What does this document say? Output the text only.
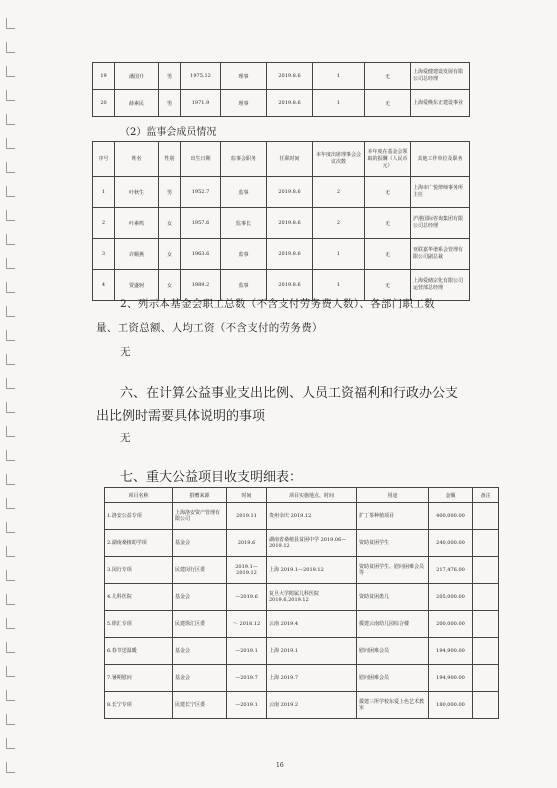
19	潘国升	男	1975.12	理事	2019.8.6	1	无	上海爱健建设发展有限公司总经理
20	薛素民	男	1971.9	理事	2019.8.6	1	无	上海爱晚东正建设事业
（2）监事会成员情况
序号	姓名	性别	出生日期	监事会职务	任职时间	本年度出席理事会会议次数	本年度在基金会领取的报酬（人民币元）	其他工作单位及职务
1	叶秋生	男	1952.7	监事	2019.8.6	2	无	上海市广悦律师事务所主任
2	叶素鸣	女	1957.6	监事长	2019.8.6	2	无	沪港国际咨询集团有限公司总经理
3	许顺燕	女	1963.6	监事	2019.8.6	1	无	亚联嘉华谱系会管理有限公司副总裁
4	贾盛轲	女	1989.2	监事	2019.8.6	1	无	上海爱储宗化有限公司运营部总经理
2、列示本基金会职工总数（不含支付劳务费人数）、各部门职工数
量、工资总额、人均工资（不含支付的劳务费）
无
六、在计算公益事业支出比例、人员工资福利和行政办公支
出比例时需要具体说明的事项
无
七、重大公益项目收支明细表：
项目名称	捐赠来源	时间	项目实施地点、时间	用途	金额	备注
1.洛安公益专项	上海洛安资产管理有限公司	2019.11	贵州余庆 2019.12	扩丁茶种植项目	400,000.00	
2.湖南桑植助学项	基金会	2019.6	湖南省桑植县贫困中学 2019.06—2019.12	资助贫困学生	240,000.00	
3.闵行专项	民建闵行区委	2019.1—2019.12	上海 2019.1—2019.12	资助贫困学生、慰问困难会员等	217,476.00	
4.儿科医院	基金会	—2019.6	复旦大学附属儿科医院 2019.6,2019.12	资助贫困患儿	205,000.00	
5.徐汇专项	民建徐汇区委	～ 2018.12	云南 2019.4	援建云南幼儿园综合楼	200,000.00	
6.春节送温暖	基金会	—2019.1	上海 2019.1	慰问困难会员	194,900.00	
7.暑期慰问	基金会	—2019.7	上海 2019.7	慰问困难会员	194,900.00	
8.长宁专项	民建长宁区委	—2019.1	云南 2019.2	援建三所学校东爱上色艺术教室	180,000.00	
16
